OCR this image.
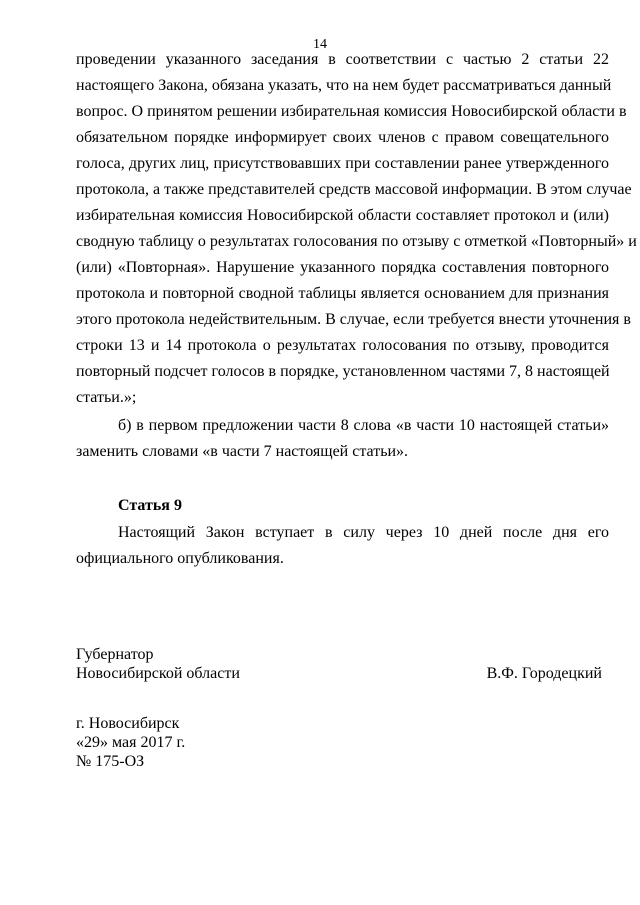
14
проведении указанного заседания в соответствии с частью 2 статьи 22
настоящего Закона, обязана указать, что на нем будет рассматриваться данный
вопрос. О принятом решении избирательная комиссия Новосибирской области в
обязательном порядке информирует своих членов с правом совещательного
голоса, других лиц, присутствовавших при составлении ранее утвержденного
протокола, а также представителей средств массовой информации. В этом случае
избирательная комиссия Новосибирской области составляет протокол и (или)
сводную таблицу о результатах голосования по отзыву с отметкой «Повторный» и
(или) «Повторная». Нарушение указанного порядка составления повторного
протокола и повторной сводной таблицы является основанием для признания
этого протокола недействительным. В случае, если требуется внести уточнения в
строки 13 и 14 протокола о результатах голосования по отзыву, проводится
повторный подсчет голосов в порядке, установленном частями 7, 8 настоящей
статьи.»;
б) в первом предложении части 8 слова «в части 10 настоящей статьи»
заменить словами «в части 7 настоящей статьи».
Статья 9
Настоящий Закон вступает в силу через 10 дней после дня его
официального опубликования.
Губернатор
Новосибирской области	В.Ф. Городецкий
г. Новосибирск
«29» мая 2017 г.
№ 175-ОЗ
